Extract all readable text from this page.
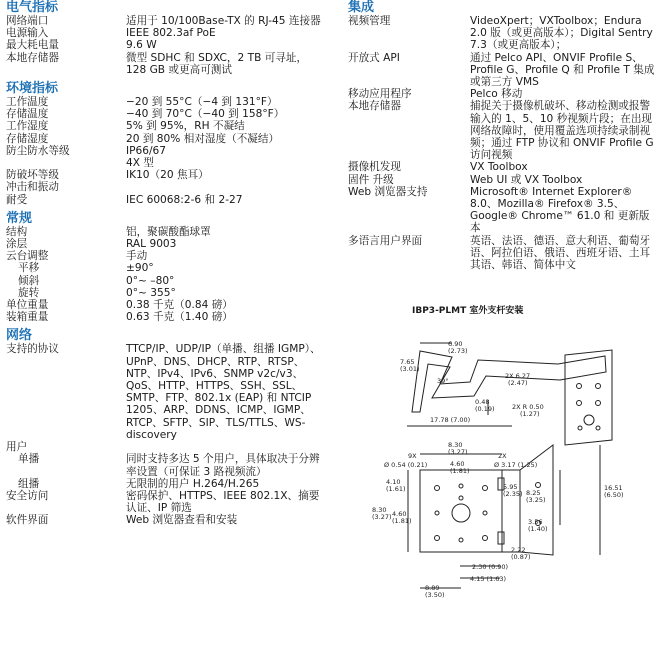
电气指标
网络端口	适用于 10/100Base-TX 的 RJ-45 连接器
电源输入	IEEE 802.3af PoE
最大耗电量	9.6 W
本地存储器	微型 SDHC 和 SDXC，2 TB 可寻址，128 GB 或更高可测试
环境指标
工作温度	−20 到 55°C（−4 到 131°F）
存储温度	−40 到 70°C（−40 到 158°F）
工作湿度	5% 到 95%，RH 不凝结
存储湿度	20 到 80% 相对湿度（不凝结）
防尘防水等级	IP66/67
4X 型
防破坏等级	IK10（20 焦耳）
冲击和振动
耐受	IEC 60068:2-6 和 2-27
常规
结构	铝，聚碳酸酯球罩
涂层	RAL 9003
云台调整	手动
平移	±90°
倾斜	0°~ –80°
旋转	0°~ 355°
单位重量	0.38 千克（0.84 磅）
装箱重量	0.63 千克（1.40 磅）
网络
支持的协议	TTCP/IP、UDP/IP（单播、组播 IGMP）、UPnP、DNS、DHCP、RTP、RTSP、NTP、IPv4、IPv6、SNMP v2c/v3、QoS、HTTP、HTTPS、SSH、SSL、SMTP、FTP、802.1x (EAP) 和 NTCIP 1205、ARP、DDNS、ICMP、IGMP、RTCP、SFTP、SIP、TLS/TTLS、WS-discovery
用户
单播	同时支持多达 5 个用户，具体取决于分辨率设置（可保证 3 路视频流）
组播	无限制的用户 H.264/H.265
安全访问	密码保护、HTTPS、IEEE 802.1X、摘要认证、IP 筛选
软件界面	Web 浏览器查看和安装
集成
视频管理	VideoXpert；VXToolbox；Endura 2.0 版（或更高版本）；Digital Sentry 7.3（或更高版本）；
开放式 API	通过 Pelco API、ONVIF Profile S、Profile G、Profile Q 和 Profile T 集成或第三方 VMS
移动应用程序	Pelco 移动
本地存储器	捕捉关于摄像机破坏、移动检测或报警输入的 1、5、10 秒视频片段；在出现网络故障时，使用覆盖选项持续录制视频；通过 FTP 协议和 ONVIF Profile G 访问视频
摄像机发现	VX Toolbox
固件 升级	Web UI 或 VX Toolbox
Web 浏览器支持	Microsoft® Internet Explorer® 8.0、Mozilla® Firefox® 3.5、Google® Chrome™ 61.0 和 更新版本
多语言用户界面	英语、法语、德语、意大利语、葡萄牙语、阿拉伯语、俄语、西班牙语、土耳其语、韩语、简体中文
IBP3-PLMT 室外支杆安装
6.90
(2.73)
7.65
(3.01)
39°
2X 6.27
(2.47)
0.48
(0.19)	2X R 0.50
(1.27)
17.78 (7.00)
8.30
(3.27)
9X
Ø 0.54 (0.21)	4.60
(1.81)
2X
Ø 3.17 (1.25)
4.10
(1.61)	5.95
(2.35) 8.25
(3.25)
8.30
(3.27) 4.60
(1.81)	3.56
(1.40)
16.51
(6.50)
2.22
(0.87)
2.30 (0.90)
4.15 (1.63)
8.89
(3.50)
